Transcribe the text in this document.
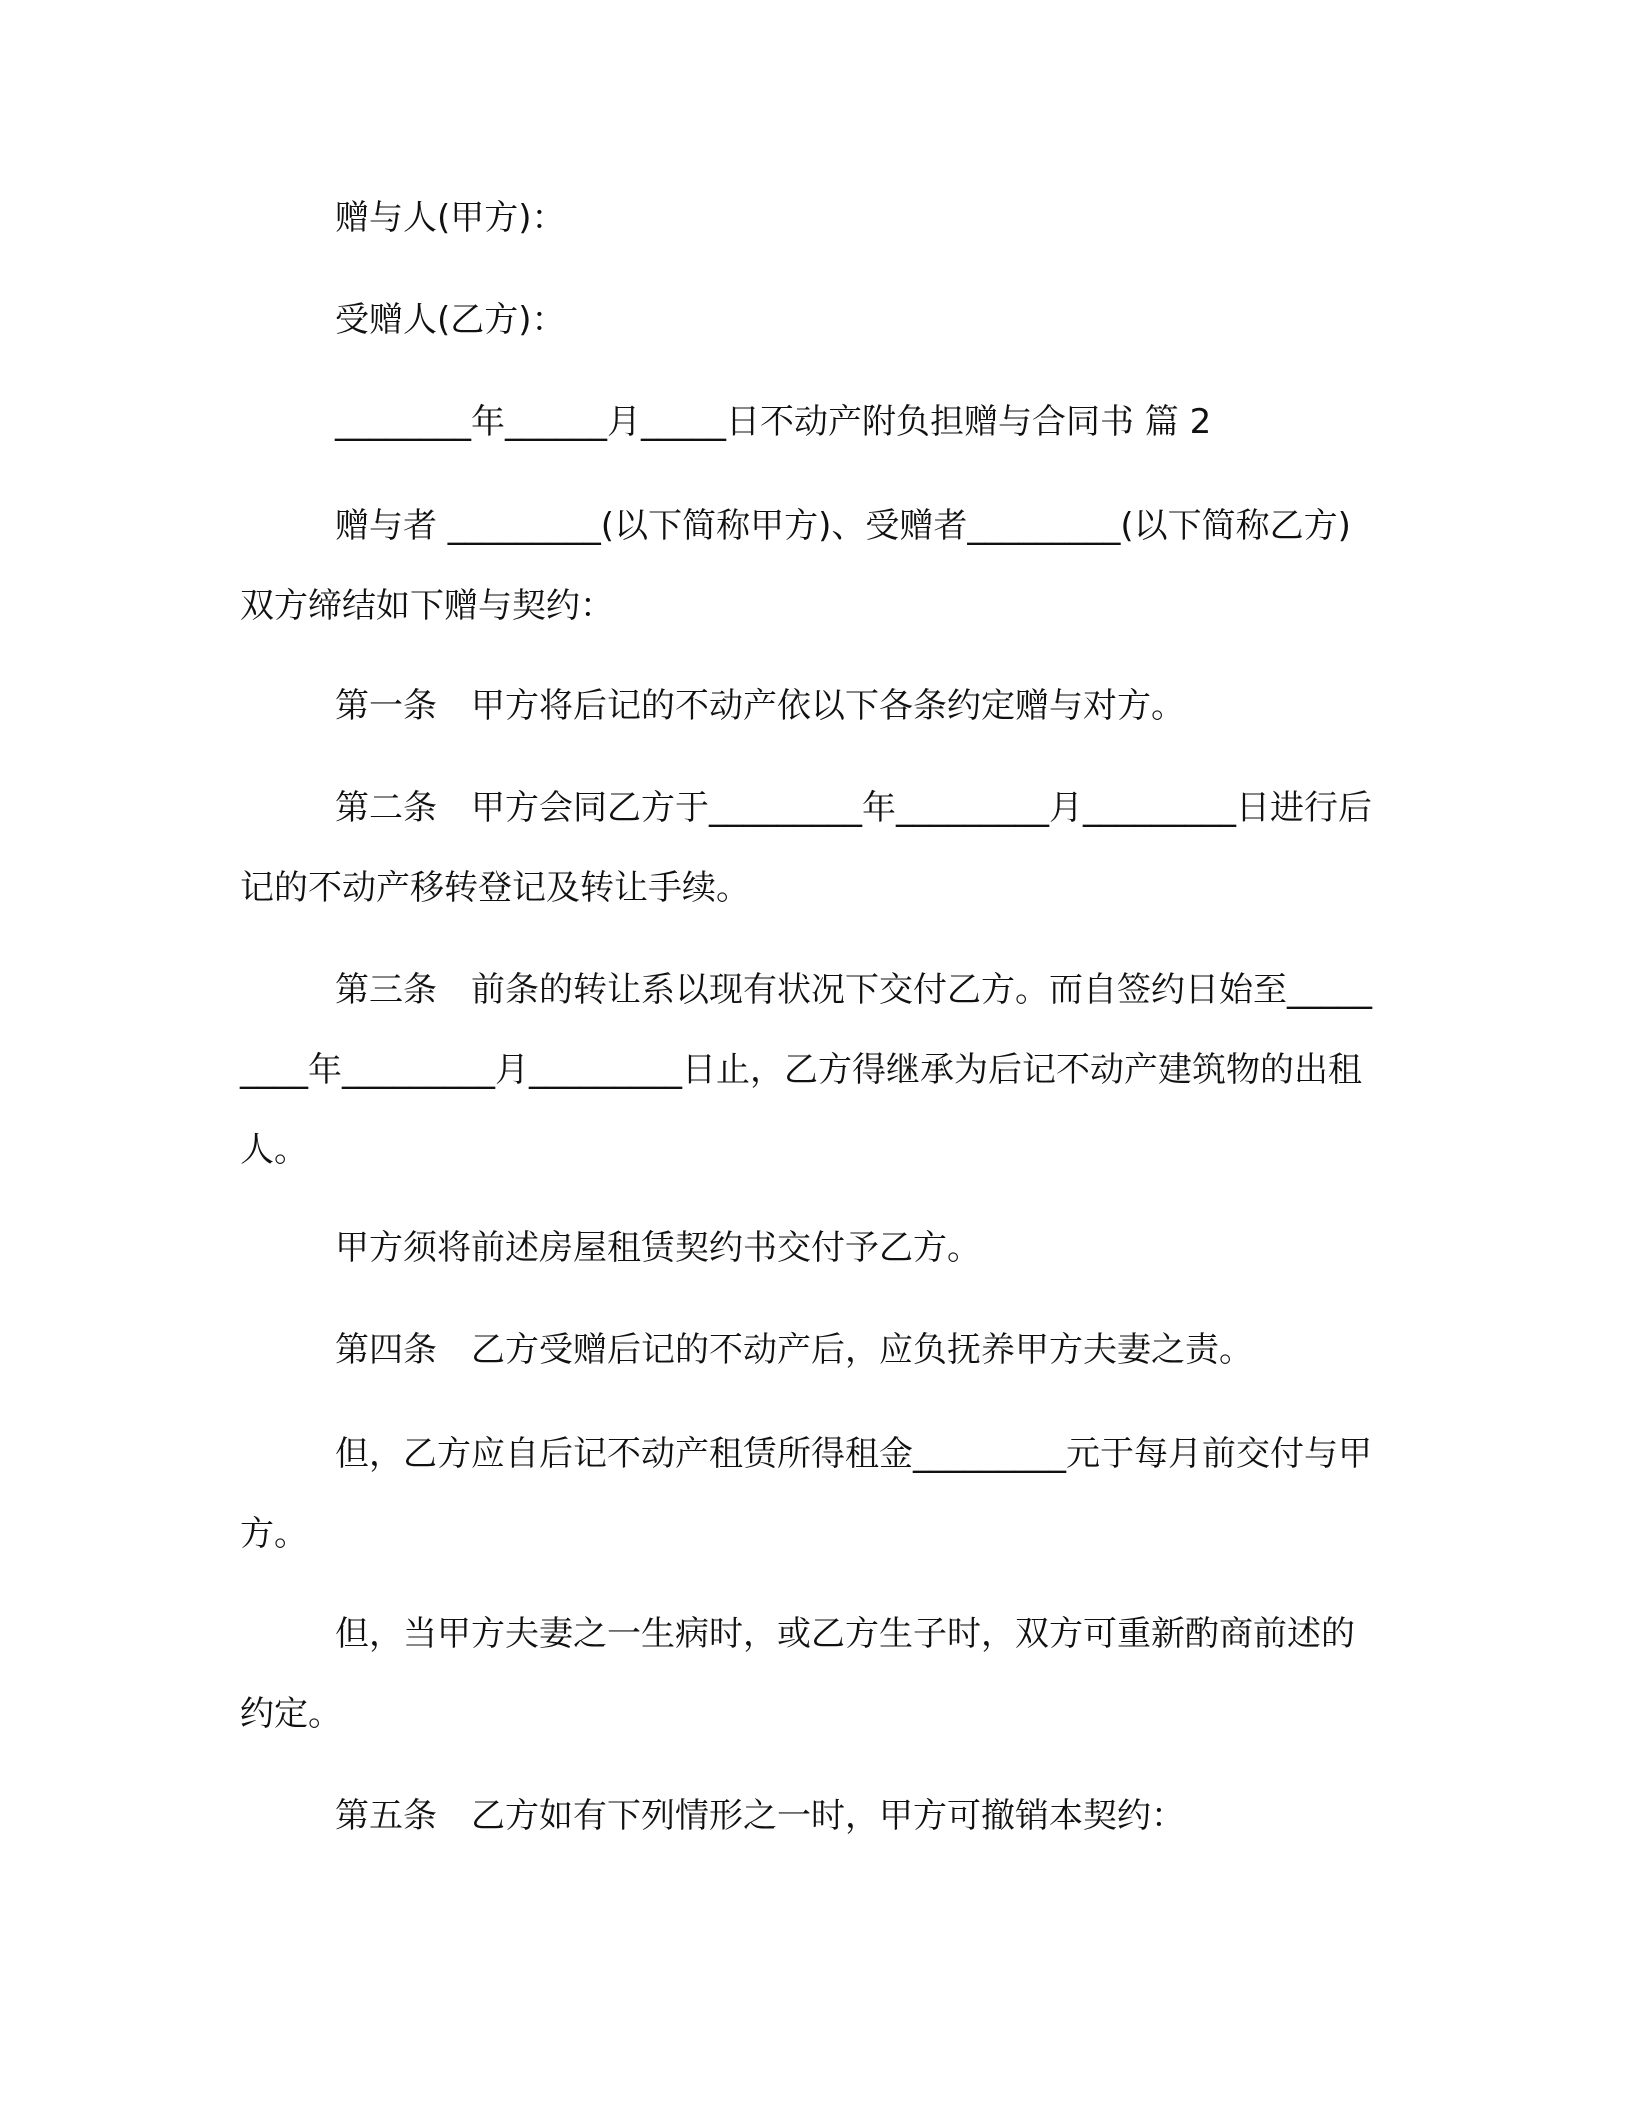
赠与人(甲方)：

受赠人(乙方)：

________年______月_____日不动产附负担赠与合同书 篇 2

赠与者 _________(以下简称甲方)、受赠者_________(以下简称乙方)双方缔结如下赠与契约：

第一条　甲方将后记的不动产依以下各条约定赠与对方。

第二条　甲方会同乙方于_________年_________月_________日进行后记的不动产移转登记及转让手续。

第三条　前条的转让系以现有状况下交付乙方。而自签约日始至_________年_________月_________日止，乙方得继承为后记不动产建筑物的出租人。

甲方须将前述房屋租赁契约书交付予乙方。

第四条　乙方受赠后记的不动产后，应负抚养甲方夫妻之责。

但，乙方应自后记不动产租赁所得租金_________元于每月前交付与甲方。

但，当甲方夫妻之一生病时，或乙方生子时，双方可重新酌商前述的约定。

第五条　乙方如有下列情形之一时，甲方可撤销本契约：
